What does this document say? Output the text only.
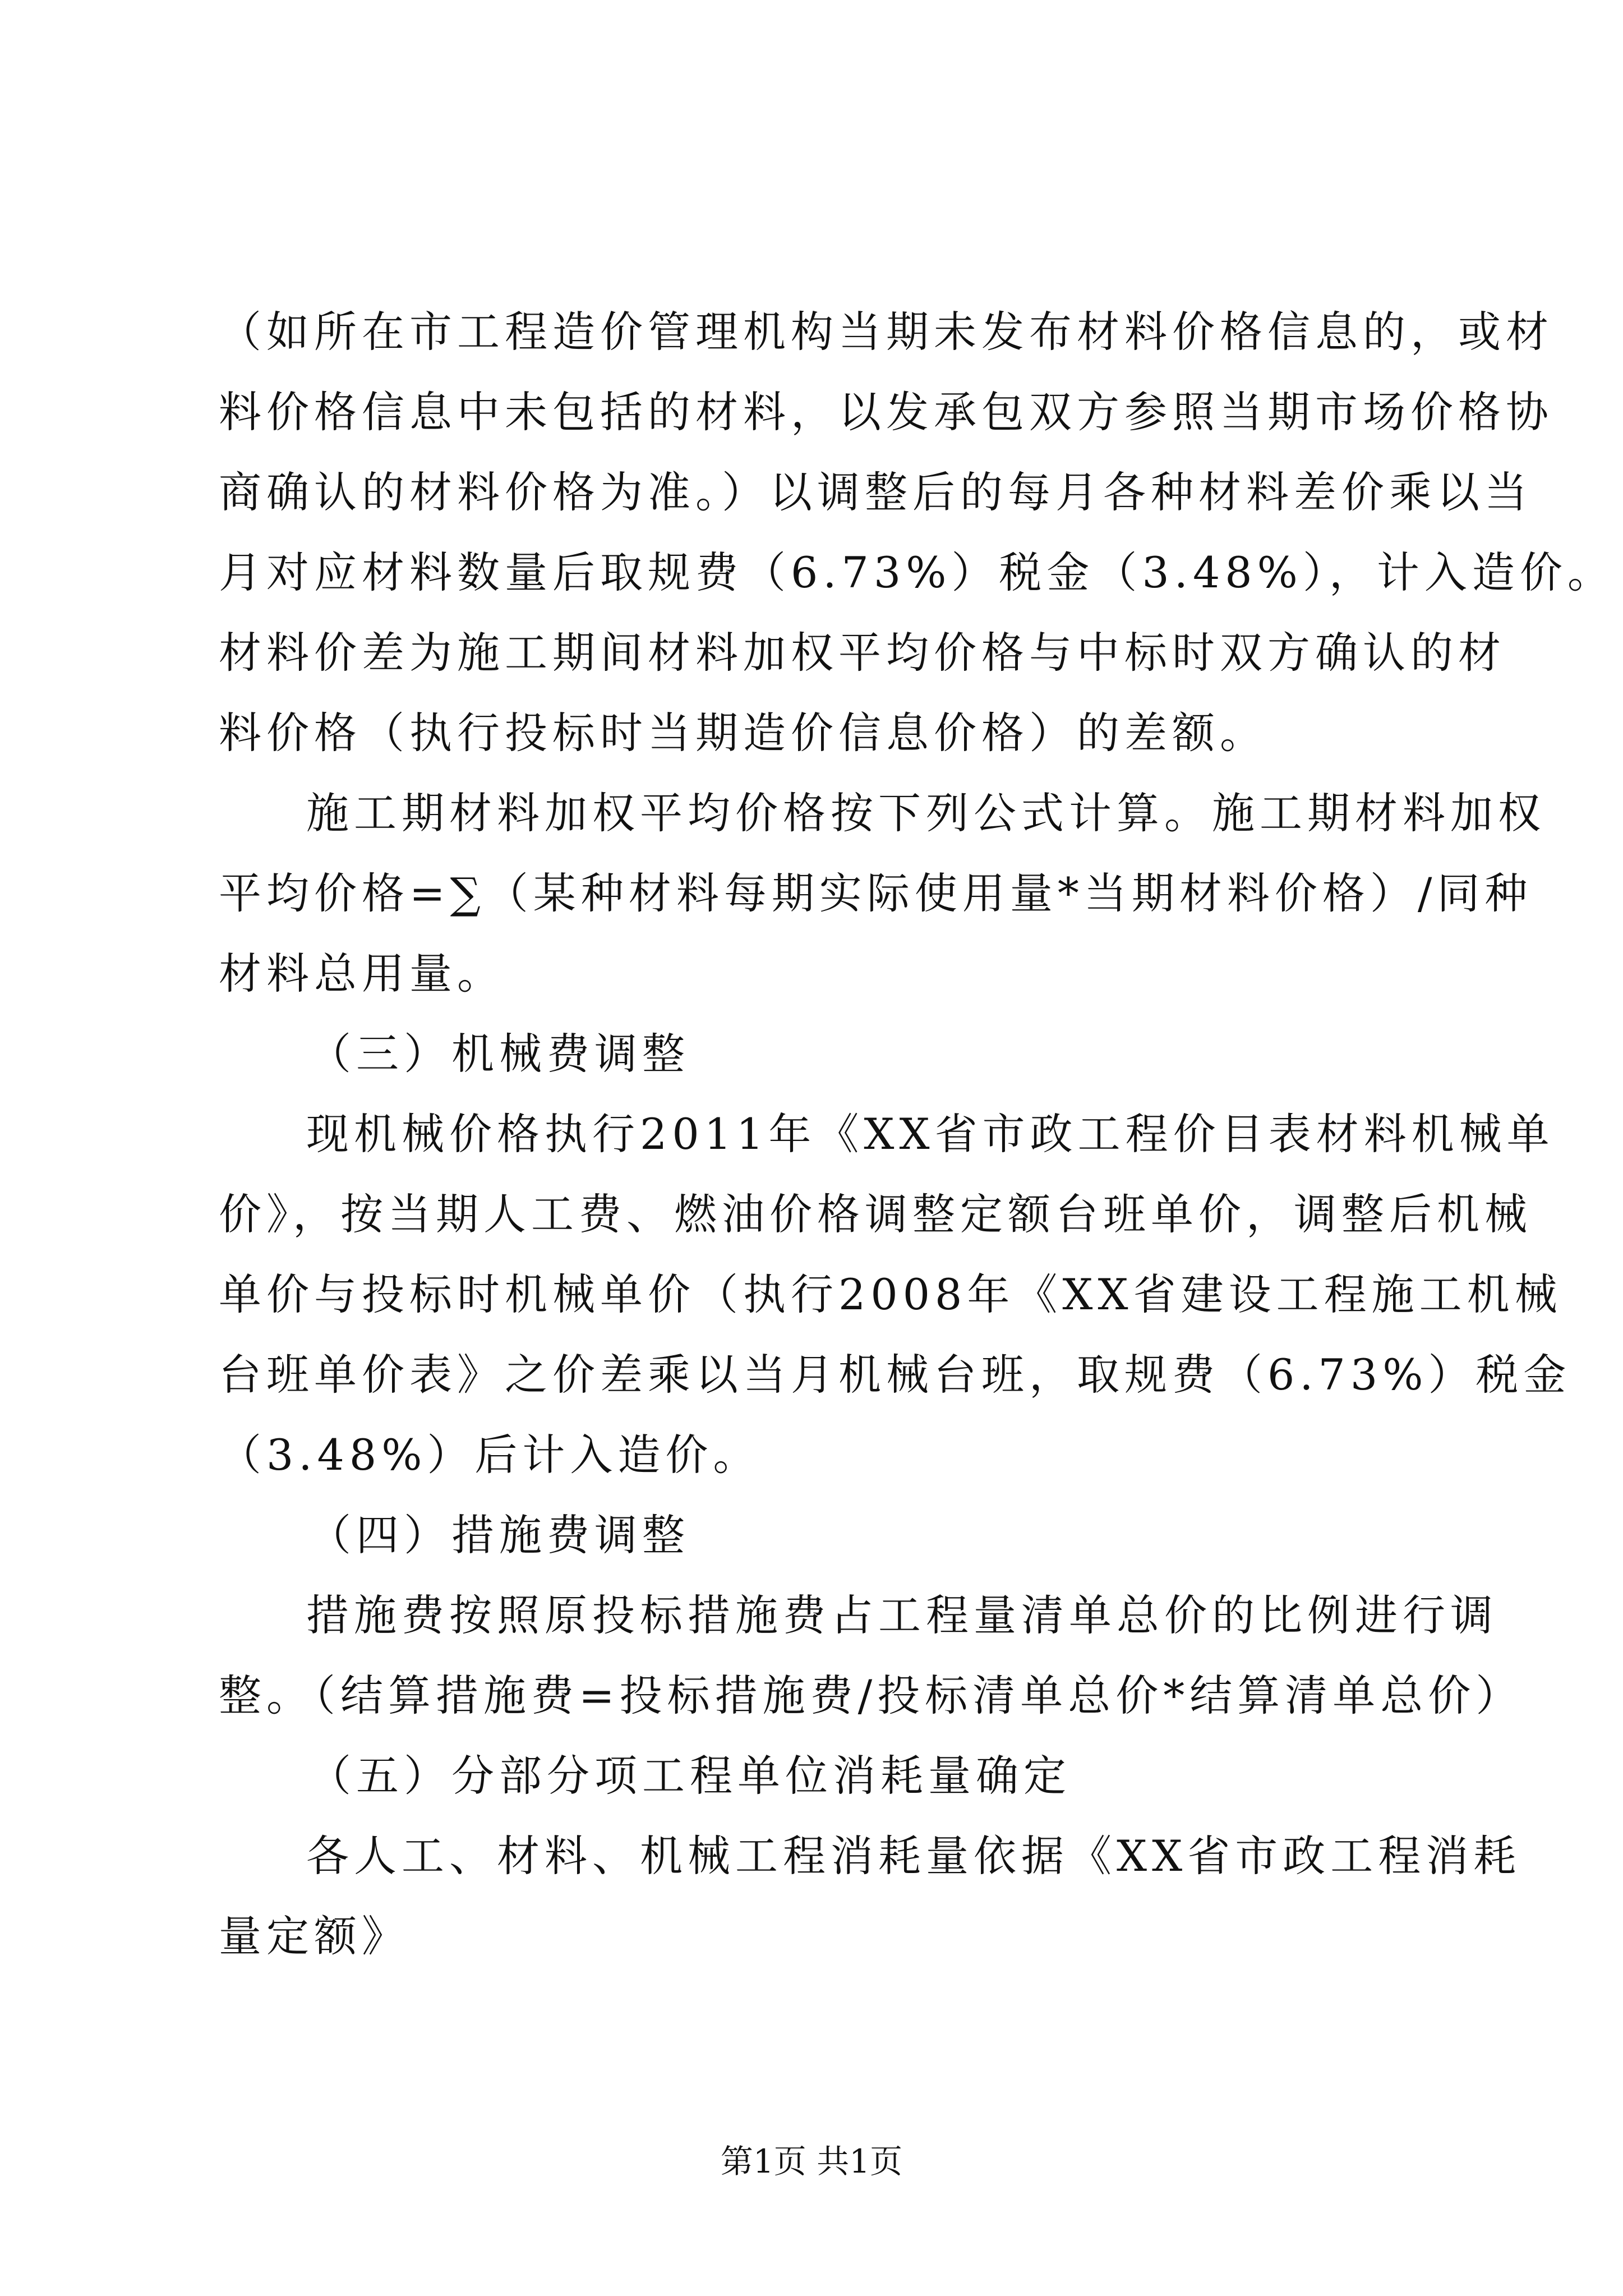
（如所在市工程造价管理机构当期未发布材料价格信息的，或材
料价格信息中未包括的材料，以发承包双方参照当期市场价格协
商确认的材料价格为准。）以调整后的每月各种材料差价乘以当
月对应材料数量后取规费（6.73%）税金（3.48%），计入造价。
材料价差为施工期间材料加权平均价格与中标时双方确认的材
料价格（执行投标时当期造价信息价格）的差额。
施工期材料加权平均价格按下列公式计算。施工期材料加权
平均价格=∑（某种材料每期实际使用量*当期材料价格）/同种
材料总用量。
（三）机械费调整
现机械价格执行2011年《XX省市政工程价目表材料机械单
价》，按当期人工费、燃油价格调整定额台班单价，调整后机械
单价与投标时机械单价（执行2008年《XX省建设工程施工机械
台班单价表》之价差乘以当月机械台班，取规费（6.73%）税金
（3.48%）后计入造价。
（四）措施费调整
措施费按照原投标措施费占工程量清单总价的比例进行调
整。（结算措施费=投标措施费/投标清单总价*结算清单总价）
（五）分部分项工程单位消耗量确定
各人工、材料、机械工程消耗量依据《XX省市政工程消耗
量定额》
第1页 共1页
